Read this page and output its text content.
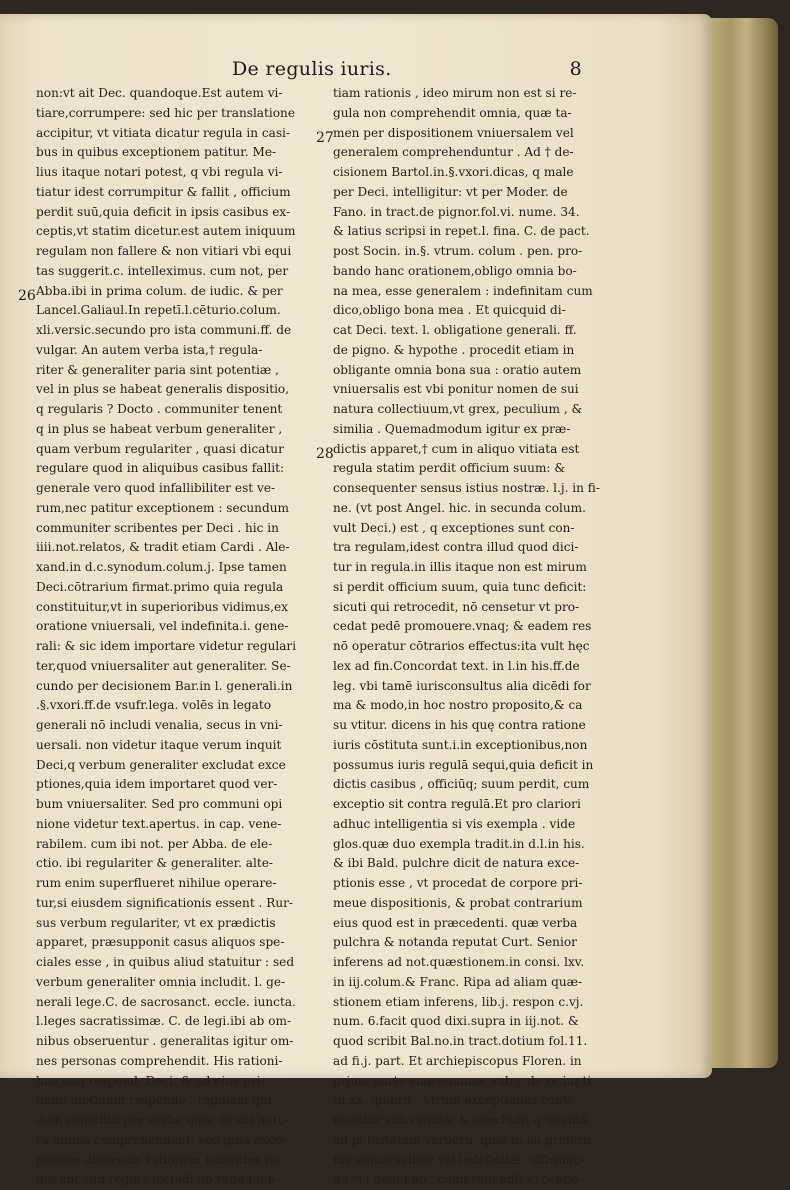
De regulis iuris.	8
26
27
28
non:vt ait Dec. quandoque.Est autem vi-
tiare,corrumpere: sed hic per translatione
accipitur, vt vitiata dicatur regula in casi-
bus in quibus exceptionem patitur. Me-
lius itaque notari potest, q vbi regula vi-
tiatur idest corrumpitur & fallit , officium
perdit suū,quia deficit in ipsis casibus ex-
ceptis,vt statim dicetur.est autem iniquum
regulam non fallere & non vitiari vbi equi
tas suggerit.c. intelleximus. cum not, per
Abba.ibi in prima colum. de iudic. & per
Lancel.Galiaul.In repetī.l.cēturio.colum.
xli.versic.secundo pro ista communi.ff. de
vulgar. An autem verba ista,† regula-
riter & generaliter paria sint potentiæ ,
vel in plus se habeat generalis dispositio,
q regularis ? Docto . communiter tenent
q in plus se habeat verbum generaliter ,
quam verbum regulariter , quasi dicatur
regulare quod in aliquibus casibus fallit:
generale vero quod infallibiliter est ve-
rum,nec patitur exceptionem : secundum
communiter scribentes per Deci . hic in
iiii.not.relatos, & tradit etiam Cardi . Ale-
xand.in d.c.synodum.colum.j. Ipse tamen
Deci.cōtrarium firmat.primo quia regula
constituitur,vt in superioribus vidimus,ex
oratione vniuersali, vel indefinita.i. gene-
rali: & sic idem importare videtur regulari
ter,quod vniuersaliter aut generaliter. Se-
cundo per decisionem Bar.in l. generali.in
.§.vxori.ff.de vsufr.lega. volēs in legato
generali nō includi venalia, secus in vni-
uersali. non videtur itaque verum inquit
Deci,q verbum generaliter excludat exce
ptiones,quia idem importaret quod ver-
bum vniuersaliter. Sed pro communi opi
nione videtur text.apertus. in cap. vene-
rabilem. cum ibi not. per Abba. de ele-
ctio. ibi regulariter & generaliter. alte-
rum enim superflueret nihilue operare-
tur,si eiusdem significationis essent . Rur-
sus verbum regulariter, vt ex prædictis
apparet, præsupponit casus aliquos spe-
ciales esse , in quibus aliud statuitur : sed
verbum generaliter omnia includit. l. ge-
nerali lege.C. de sacrosanct. eccle. iuncta.
l.leges sacratissimæ. C. de legi.ibi ab om-
nibus obseruentur . generalitas igitur om-
nes personas comprehendit. His rationi-
bus non respond. Deci. & ad eius pri-
mum motiuum responde , regulam qui-
dem constitui per verba quæ de sui natu-
ra omnia comprehendant: sed quia exce-
ptiones diuersam rationem habentes ne-
queunt sub regula includi ob repugnan-
tiam rationis , ideo mirum non est si re-
gula non comprehendit omnia, quæ ta-
men per dispositionem vniuersalem vel
generalem comprehenduntur . Ad † de-
cisionem Bartol.in.§.vxori.dicas, q male
per Deci. intelligitur: vt per Moder. de
Fano. in tract.de pignor.fol.vi. nume. 34.
& latius scripsi in repet.l. fina. C. de pact.
post Socin. in.§. vtrum. colum . pen. pro-
bando hanc orationem,obligo omnia bo-
na mea, esse generalem : indefinitam cum
dico,obligo bona mea . Et quicquid di-
cat Deci. text. l. obligatione generali. ff.
de pigno. & hypothe . procedit etiam in
obligante omnia bona sua : oratio autem
vniuersalis est vbi ponitur nomen de sui
natura collectiuum,vt grex, peculium , &
similia . Quemadmodum igitur ex præ-
dictis apparet,† cum in aliquo vitiata est
regula statim perdit officium suum: &
consequenter sensus istius nostræ. l.j. in fi-
ne. (vt post Angel. hic. in secunda colum.
vult Deci.) est , q exceptiones sunt con-
tra regulam,idest contra illud quod dici-
tur in regula.in illis itaque non est mirum
si perdit officium suum, quia tunc deficit:
sicuti qui retrocedit, nō censetur vt pro-
cedat pedē promouere.vnaq; & eadem res
nō operatur cōtrarios effectus:ita vult hęc
lex ad fin.Concordat text. in l.in his.ff.de
leg. vbi tamē iurisconsultus alia dicēdi for
ma & modo,in hoc nostro proposito,& ca
su vtitur. dicens in his quę contra ratione
iuris cōstituta sunt.i.in exceptionibus,non
possumus iuris regulā sequi,quia deficit in
dictis casibus , officiūq; suum perdit, cum
exceptio sit contra regulā.Et pro clariori
adhuc intelligentia si vis exempla . vide
glos.quæ duo exempla tradit.in d.l.in his.
& ibi Bald. pulchre dicit de natura exce-
ptionis esse , vt procedat de corpore pri-
meue dispositionis, & probat contrarium
eius quod est in præcedenti. quæ verba
pulchra & notanda reputat Curt. Senior
inferens ad not.quæstionem.in consi. lxv.
in iij.colum.& Franc. Ripa ad aliam quæ-
stionem etiam inferens, lib.j. respon c.vj.
num. 6.facit quod dixi.supra in iij.not. &
quod scribit Bal.no.in tract.dotium fol.11.
ad fi.j. part. Et archiepiscopus Floren. in
prima parte suæ summæ sub.c.de re.iur.ti-
tu.xx. quærit , vtrum exceptiones conti-
neantur sub regula: & concludit q quantū
ad potestatem verborū, quæ in ea proferū-
tur vniuersaliter vel indefinitæ, affirman-
do vel negando , comprehendit exceptio-
